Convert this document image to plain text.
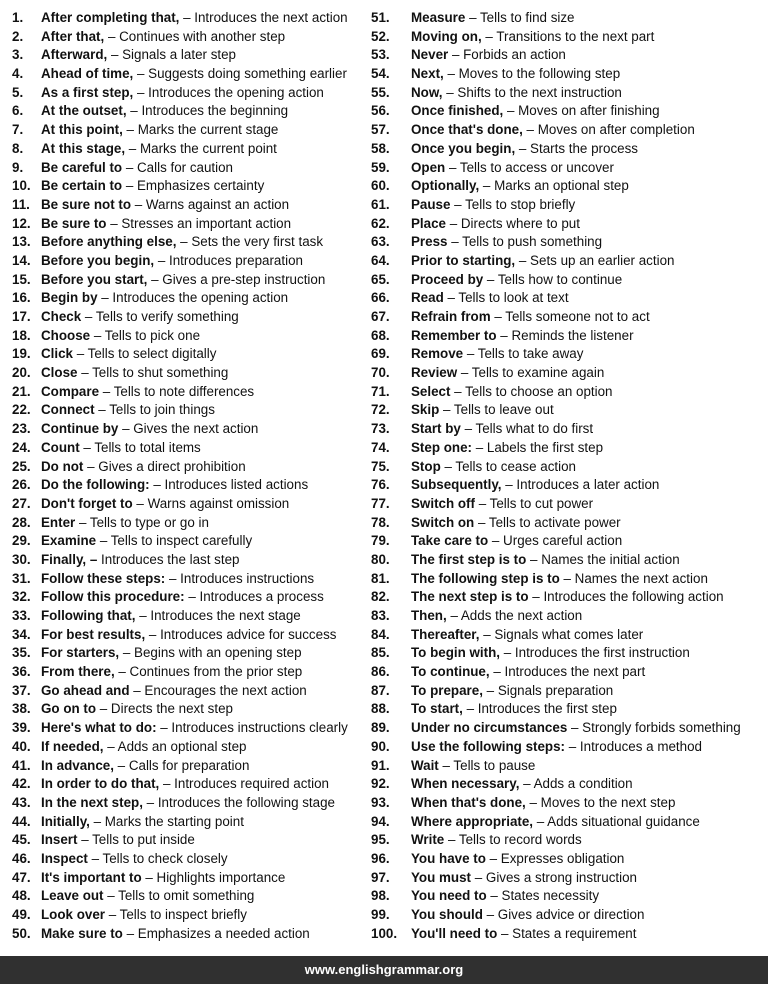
1.	After completing that, – Introduces the next action
2.	After that, – Continues with another step
3.	Afterward, – Signals a later step
4.	Ahead of time, – Suggests doing something earlier
5.	As a first step, – Introduces the opening action
6.	At the outset, – Introduces the beginning
7.	At this point, – Marks the current stage
8.	At this stage, – Marks the current point
9.	Be careful to – Calls for caution
10. Be certain to – Emphasizes certainty
11. Be sure not to – Warns against an action
12. Be sure to – Stresses an important action
13. Before anything else, – Sets the very first task
14. Before you begin, – Introduces preparation
15. Before you start, – Gives a pre-step instruction
16. Begin by – Introduces the opening action
17. Check – Tells to verify something
18. Choose – Tells to pick one
19. Click – Tells to select digitally
20. Close – Tells to shut something
21. Compare – Tells to note differences
22. Connect – Tells to join things
23. Continue by – Gives the next action
24. Count – Tells to total items
25. Do not – Gives a direct prohibition
26. Do the following: – Introduces listed actions
27. Don't forget to – Warns against omission
28. Enter – Tells to type or go in
29. Examine – Tells to inspect carefully
30. Finally, – Introduces the last step
31. Follow these steps: – Introduces instructions
32. Follow this procedure: – Introduces a process
33. Following that, – Introduces the next stage
34. For best results, – Introduces advice for success
35. For starters, – Begins with an opening step
36. From there, – Continues from the prior step
37. Go ahead and – Encourages the next action
38. Go on to – Directs the next step
39. Here's what to do: – Introduces instructions clearly
40. If needed, – Adds an optional step
41. In advance, – Calls for preparation
42. In order to do that, – Introduces required action
43. In the next step, – Introduces the following stage
44. Initially, – Marks the starting point
45. Insert – Tells to put inside
46. Inspect – Tells to check closely
47. It's important to – Highlights importance
48. Leave out – Tells to omit something
49. Look over – Tells to inspect briefly
50. Make sure to – Emphasizes a needed action
51.	Measure – Tells to find size
52.	Moving on, – Transitions to the next part
53.	Never – Forbids an action
54.	Next, – Moves to the following step
55.	Now, – Shifts to the next instruction
56.	Once finished, – Moves on after finishing
57.	Once that's done, – Moves on after completion
58.	Once you begin, – Starts the process
59.	Open – Tells to access or uncover
60.	Optionally, – Marks an optional step
61.	Pause – Tells to stop briefly
62.	Place – Directs where to put
63.	Press – Tells to push something
64.	Prior to starting, – Sets up an earlier action
65.	Proceed by – Tells how to continue
66.	Read – Tells to look at text
67.	Refrain from – Tells someone not to act
68.	Remember to – Reminds the listener
69.	Remove – Tells to take away
70.	Review – Tells to examine again
71.	Select – Tells to choose an option
72.	Skip – Tells to leave out
73.	Start by – Tells what to do first
74.	Step one: – Labels the first step
75.	Stop – Tells to cease action
76.	Subsequently, – Introduces a later action
77.	Switch off – Tells to cut power
78.	Switch on – Tells to activate power
79.	Take care to – Urges careful action
80.	The first step is to – Names the initial action
81.	The following step is to – Names the next action
82.	The next step is to – Introduces the following action
83.	Then, – Adds the next action
84.	Thereafter, – Signals what comes later
85.	To begin with, – Introduces the first instruction
86.	To continue, – Introduces the next part
87.	To prepare, – Signals preparation
88.	To start, – Introduces the first step
89.	Under no circumstances – Strongly forbids something
90.	Use the following steps: – Introduces a method
91.	Wait – Tells to pause
92.	When necessary, – Adds a condition
93.	When that's done, – Moves to the next step
94.	Where appropriate, – Adds situational guidance
95.	Write – Tells to record words
96.	You have to – Expresses obligation
97.	You must – Gives a strong instruction
98.	You need to – States necessity
99.	You should – Gives advice or direction
100.	You'll need to – States a requirement
www.englishgrammar.org
